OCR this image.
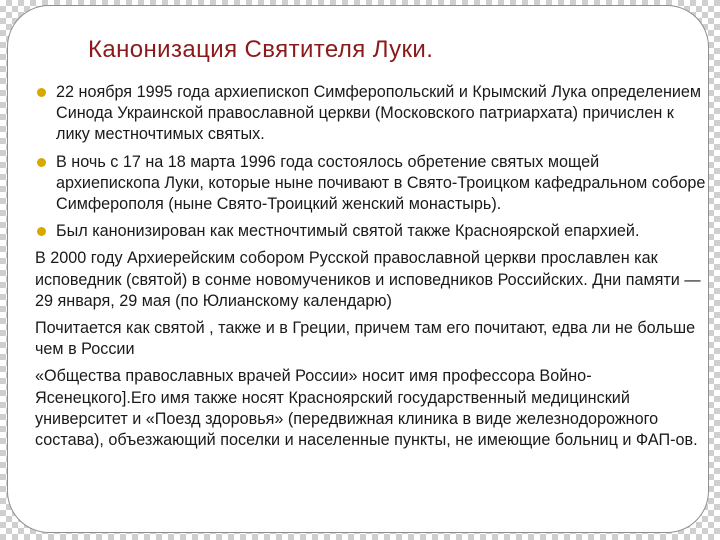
Канонизация Святителя Луки.
22 ноября 1995 года архиепископ Симферопольский и Крымский Лука определением Синода Украинской православной церкви (Московского патриархата) причислен к лику местночтимых святых.
В ночь с 17 на 18 марта 1996 года состоялось обретение святых мощей архиепископа Луки, которые ныне почивают в Свято-Троицком кафедральном соборе Симферополя (ныне Свято-Троицкий женский монастырь).
Был канонизирован как местночтимый святой также Красноярской епархией.

В 2000 году Архиерейским собором Русской православной церкви прославлен как исповедник (святой) в сонме новомучеников и исповедников Российских. Дни памяти — 29 января, 29 мая (по Юлианскому календарю)

Почитается как святой , также и в Греции, причем там его почитают, едва ли не больше чем в России

«Общества православных врачей России» носит имя профессора Войно-Ясенецкого].Его имя также носят Красноярский государственный медицинский университет и «Поезд здоровья» (передвижная клиника в виде железнодорожного состава), объезжающий поселки и населенные пункты, не имеющие больниц и ФАП-ов.
